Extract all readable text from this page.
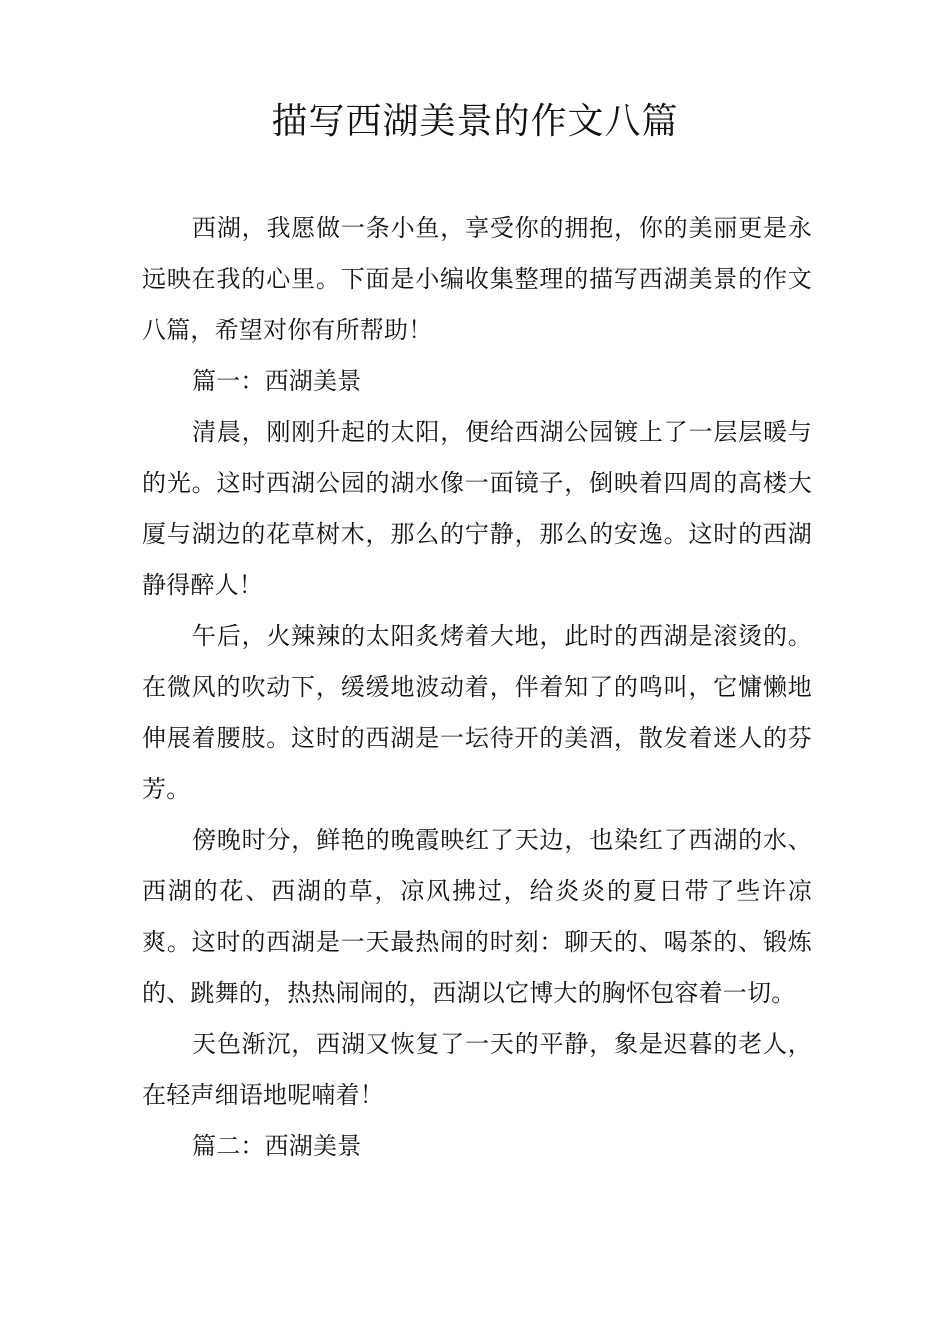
描写西湖美景的作文八篇

西湖，我愿做一条小鱼，享受你的拥抱，你的美丽更是永远映在我的心里。下面是小编收集整理的描写西湖美景的作文八篇，希望对你有所帮助！

篇一：西湖美景

清晨，刚刚升起的太阳，便给西湖公园镀上了一层层暖与的光。这时西湖公园的湖水像一面镜子，倒映着四周的高楼大厦与湖边的花草树木，那么的宁静，那么的安逸。这时的西湖静得醉人！

午后，火辣辣的太阳炙烤着大地，此时的西湖是滚烫的。在微风的吹动下，缓缓地波动着，伴着知了的鸣叫，它慵懒地伸展着腰肢。这时的西湖是一坛待开的美酒，散发着迷人的芬芳。

傍晚时分，鲜艳的晚霞映红了天边，也染红了西湖的水、西湖的花、西湖的草，凉风拂过，给炎炎的夏日带了些许凉爽。这时的西湖是一天最热闹的时刻：聊天的、喝茶的、锻炼的、跳舞的，热热闹闹的，西湖以它博大的胸怀包容着一切。

天色渐沉，西湖又恢复了一天的平静，象是迟暮的老人，在轻声细语地呢喃着！

篇二：西湖美景
